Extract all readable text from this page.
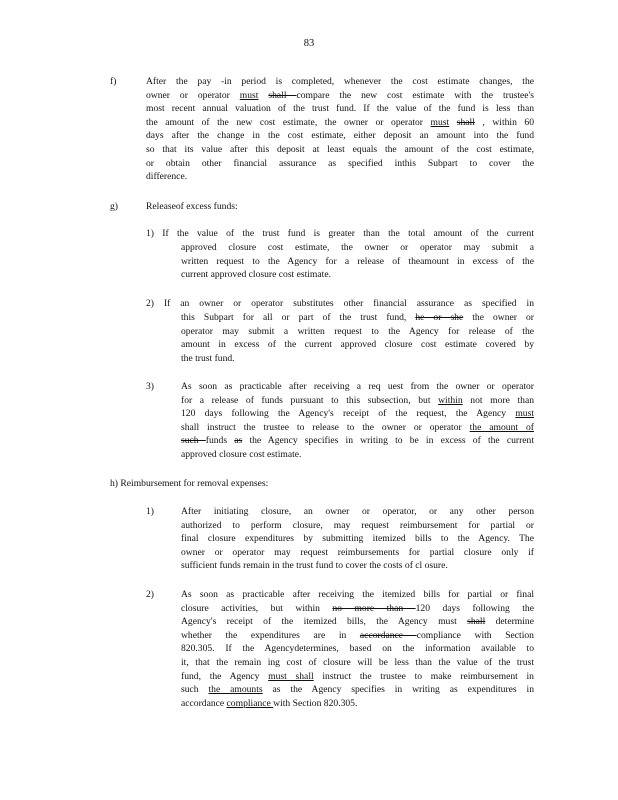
83
f)	After the pay -in period is completed, whenever the cost estimate changes, the
owner or operator must shall compare the new cost estimate with the trustee's
most recent annual valuation of the trust fund. If the value of the fund is less than
the amount of the new cost estimate, the owner or operator must shall , within 60
days after the change in the cost estimate, either deposit an amount into the fund
so that its value after this deposit at least equals the amount of the cost estimate,
or obtain other financial assurance as specified inthis Subpart to cover the
difference.
g)	Releaseof excess funds:
1) If the value of the trust fund is greater than the total amount of the current
approved closure cost estimate, the owner or operator may submit a
written request to the Agency for a release of theamount in excess of the
current approved closure cost estimate.
2) If an owner or operator substitutes other financial assurance as specified in
this Subpart for all or part of the trust fund, he or she the owner or
operator may submit a written request to the Agency for release of the
amount in excess of the current approved closure cost estimate covered by
the trust fund.
3)	As soon as practicable after receiving a req uest from the owner or operator
for a release of funds pursuant to this subsection, but within not more than
120 days following the Agency's receipt of the request, the Agency must
shall instruct the trustee to release to the owner or operator the amount of
such funds as the Agency specifies in writing to be in excess of the current
approved closure cost estimate.
h) Reimbursement for removal expenses:
1)	After initiating closure, an owner or operator, or any other person
authorized to perform closure, may request reimbursement for partial or
final closure expenditures by submitting itemized bills to the Agency. The
owner or operator may request reimbursements for partial closure only if
sufficient funds remain in the trust fund to cover the costs of cl osure.
2)	As soon as practicable after receiving the itemized bills for partial or final
closure activities, but within no more than 120 days following the
Agency's receipt of the itemized bills, the Agency must shall determine
whether the expenditures are in accordance compliance with Section
820.305. If the Agencydetermines, based on the information available to
it, that the remain ing cost of closure will be less than the value of the trust
fund, the Agency must shall instruct the trustee to make reimbursement in
such the amounts as the Agency specifies in writing as expenditures in
accordance compliance with Section 820.305.
